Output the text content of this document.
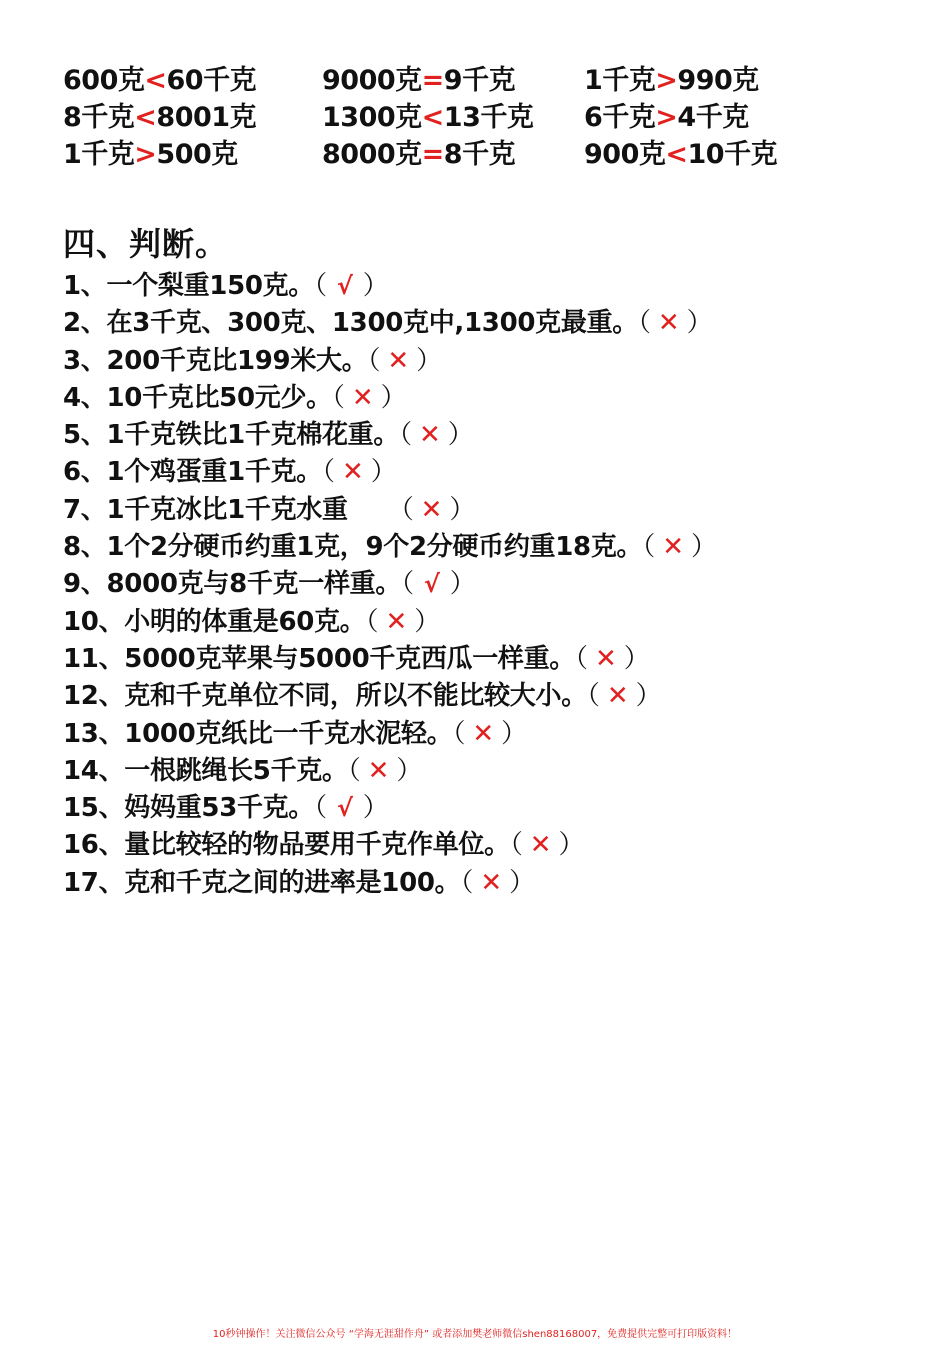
600克<60千克 9000克=9千克	1千克>990克
8千克<8001克 1300克<13千克 6千克>4千克
1千克>500克	8000克=8千克	900克<10千克
四、判断。
1、一个梨重150克。（ √ ）
2、在3千克、300克、1300克中,1300克最重。（ ✕ ）
3、200千克比199米大。（ ✕ ）
4、10千克比50元少。（ ✕ ）
5、1千克铁比1千克棉花重。（ ✕ ）
6、1个鸡蛋重1千克。（ ✕ ）
7、1千克冰比1千克水重 （ ✕ ）
8、1个2分硬币约重1克，9个2分硬币约重18克。（ ✕ ）
9、8000克与8千克一样重。（ √ ）
10、小明的体重是60克。（ ✕ ）
11、5000克苹果与5000千克西瓜一样重。（ ✕ ）
12、克和千克单位不同，所以不能比较大小。（ ✕ ）
13、1000克纸比一千克水泥轻。（ ✕ ）
14、一根跳绳长5千克。（ ✕ ）
15、妈妈重53千克。（ √ ）
16、量比较轻的物品要用千克作单位。（ ✕ ）
17、克和千克之间的进率是100。（ ✕ ）
10秒钟操作！关注微信公众号 “学海无涯甜作舟” 或者添加樊老师微信shen88168007，免费提供完整可打印版资料！
